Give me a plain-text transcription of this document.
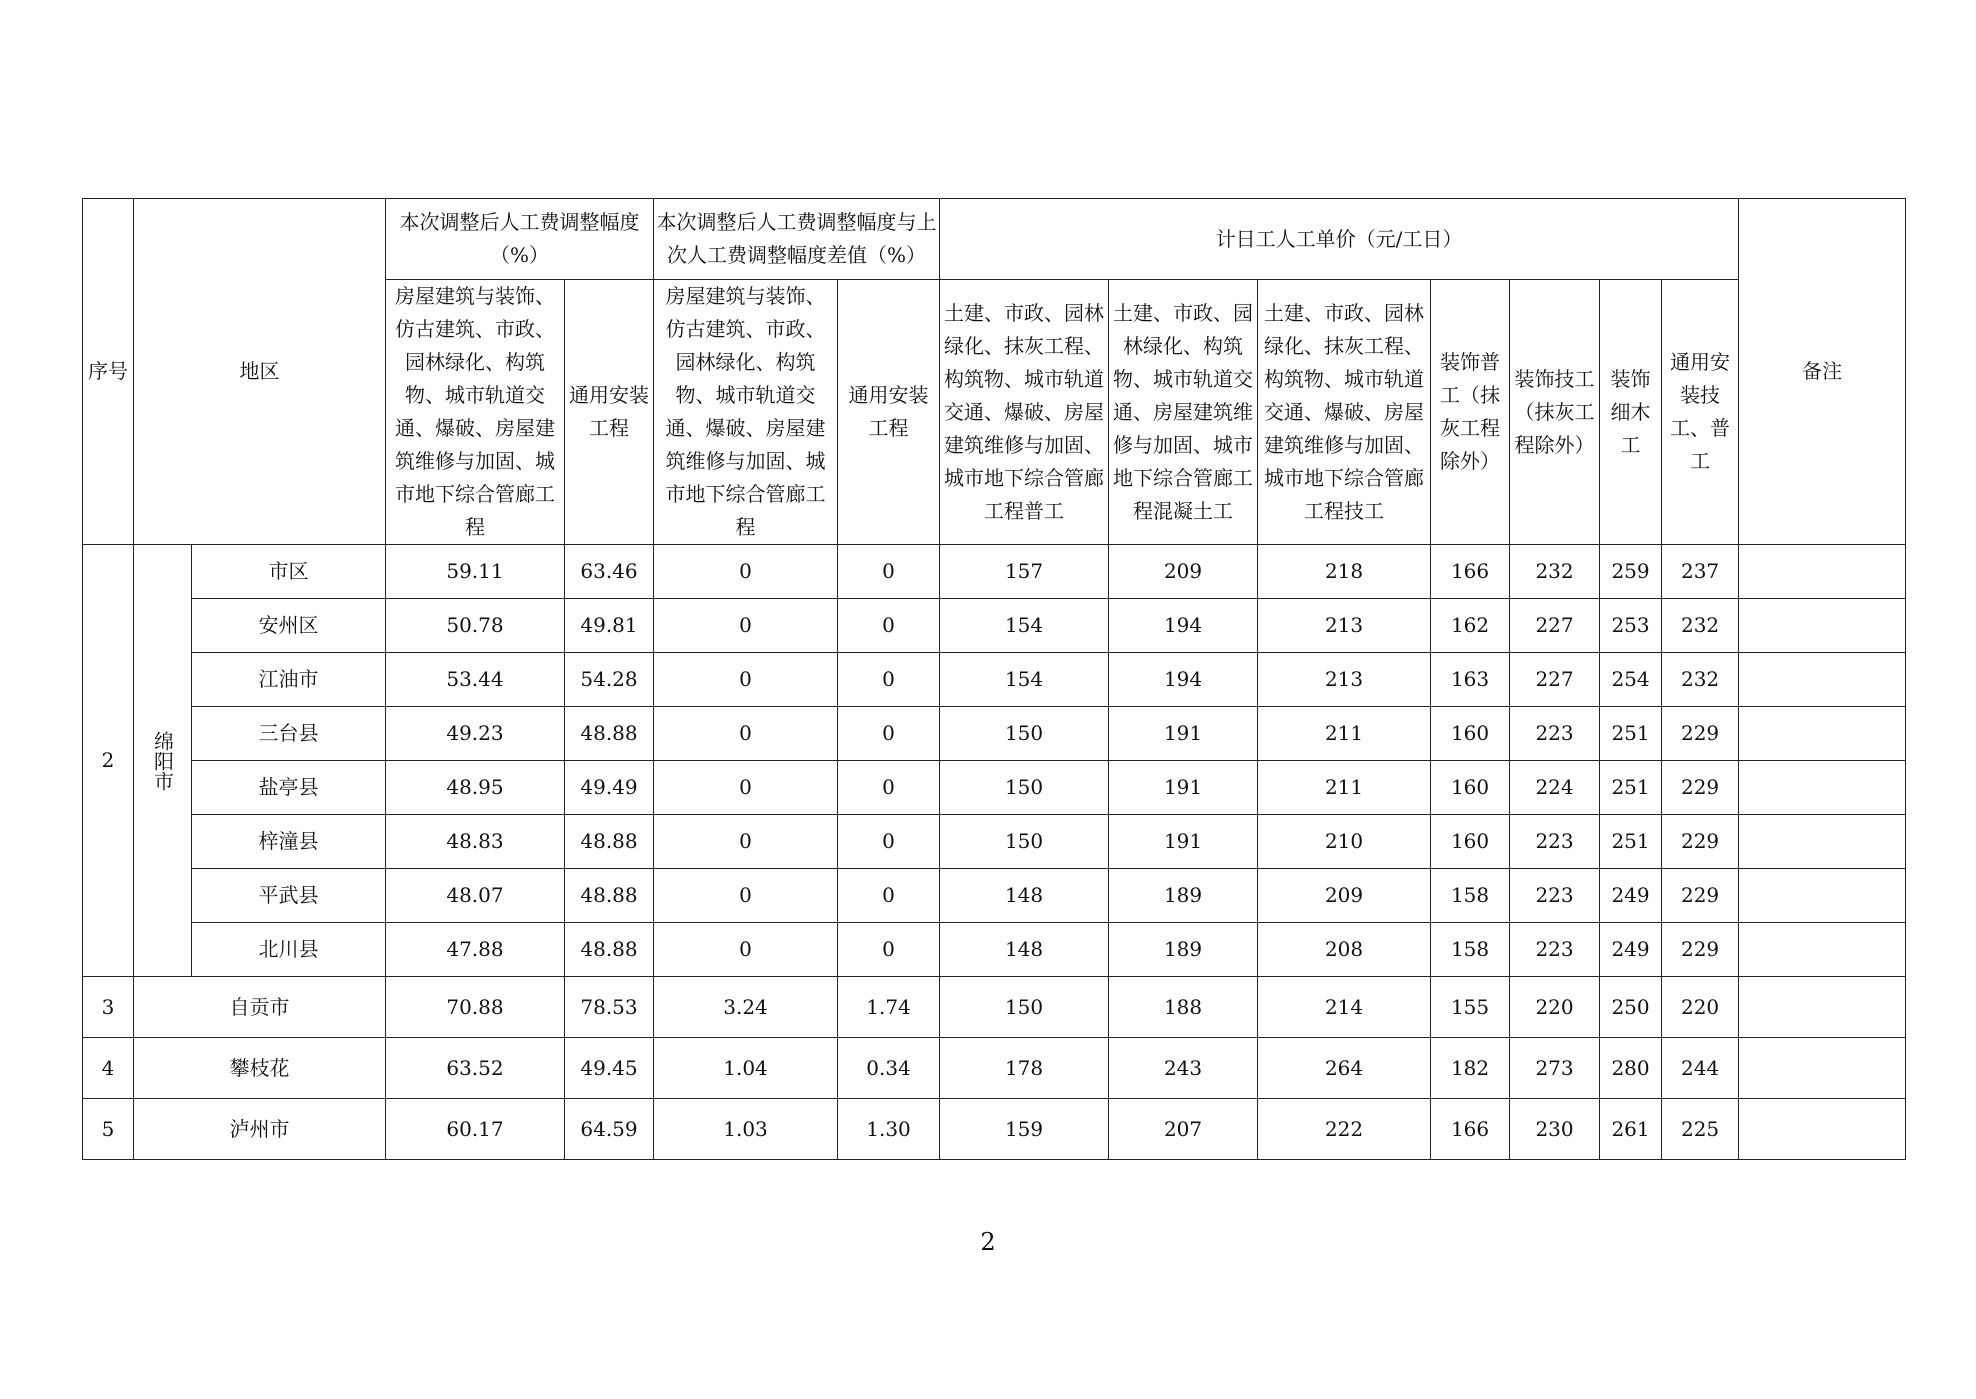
序号	地区		本次调整后人工费调整幅度（%）		本次调整后人工费调整幅度与上次人工费调整幅度差值（%）		计日工人工单价（元/工日）							备注
			房屋建筑与装饰、仿古建筑、市政、园林绿化、构筑物、城市轨道交通、爆破、房屋建筑维修与加固、城市地下综合管廊工程	通用安装工程	房屋建筑与装饰、仿古建筑、市政、园林绿化、构筑物、城市轨道交通、爆破、房屋建筑维修与加固、城市地下综合管廊工程	通用安装工程	土建、市政、园林绿化、抹灰工程、构筑物、城市轨道交通、爆破、房屋建筑维修与加固、城市地下综合管廊工程普工	土建、市政、园林绿化、构筑物、城市轨道交通、房屋建筑维修与加固、城市地下综合管廊工程混凝土工	土建、市政、园林绿化、抹灰工程、构筑物、城市轨道交通、爆破、房屋建筑维修与加固、城市地下综合管廊工程技工	装饰普工（抹灰工程除外）	装饰技工（抹灰工程除外）	装饰细木工	通用安装技工、普工	
2	绵阳市	市区	59.11	63.46	0	0	157	209	218	166	232	259	237	
		安州区	50.78	49.81	0	0	154	194	213	162	227	253	232	
		江油市	53.44	54.28	0	0	154	194	213	163	227	254	232	
		三台县	49.23	48.88	0	0	150	191	211	160	223	251	229	
		盐亭县	48.95	49.49	0	0	150	191	211	160	224	251	229	
		梓潼县	48.83	48.88	0	0	150	191	210	160	223	251	229	
		平武县	48.07	48.88	0	0	148	189	209	158	223	249	229	
		北川县	47.88	48.88	0	0	148	189	208	158	223	249	229	
3	自贡市		70.88	78.53	3.24	1.74	150	188	214	155	220	250	220	
4	攀枝花		63.52	49.45	1.04	0.34	178	243	264	182	273	280	244	
5	泸州市		60.17	64.59	1.03	1.30	159	207	222	166	230	261	225	
2
